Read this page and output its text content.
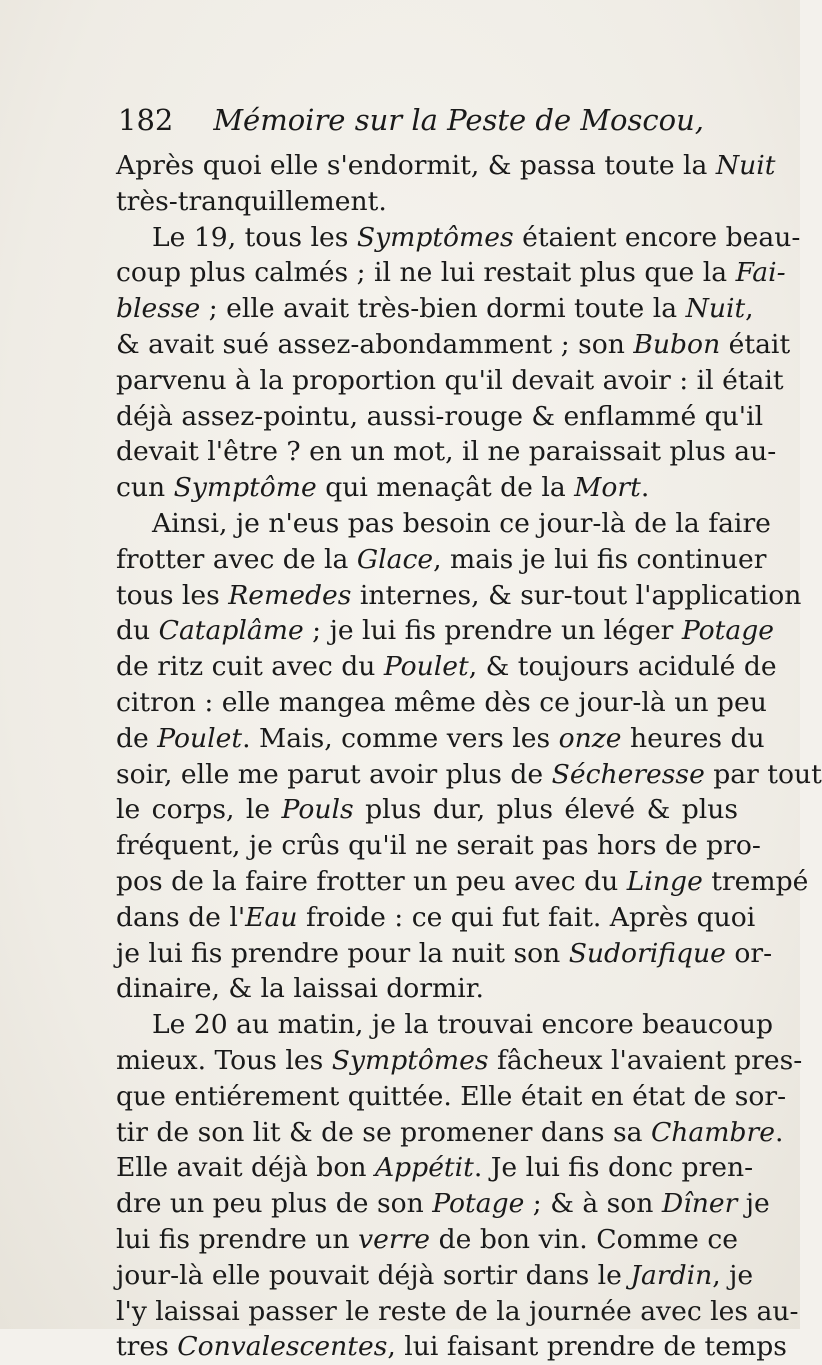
182 Mémoire sur la Peste de Moscou,
Après quoi elle s'endormit, & passa toute la Nuit
très-tranquillement.
Le 19, tous les Symptômes étaient encore beau-
coup plus calmés ; il ne lui restait plus que la Fai-
blesse ; elle avait très-bien dormi toute la Nuit,
& avait sué assez-abondamment ; son Bubon était
parvenu à la proportion qu'il devait avoir : il était
déjà assez-pointu, aussi-rouge & enflammé qu'il
devait l'être ? en un mot, il ne paraissait plus au-
cun Symptôme qui menaçât de la Mort.
Ainsi, je n'eus pas besoin ce jour-là de la faire
frotter avec de la Glace, mais je lui fis continuer
tous les Remedes internes, & sur-tout l'application
du Cataplâme ; je lui fis prendre un léger Potage
de ritz cuit avec du Poulet, & toujours acidulé de
citron : elle mangea même dès ce jour-là un peu
de Poulet. Mais, comme vers les onze heures du
soir, elle me parut avoir plus de Sécheresse par tout
le corps, le Pouls plus dur, plus élevé & plus
fréquent, je crûs qu'il ne serait pas hors de pro-
pos de la faire frotter un peu avec du Linge trempé
dans de l'Eau froide : ce qui fut fait. Après quoi
je lui fis prendre pour la nuit son Sudorifique or-
dinaire, & la laissai dormir.
Le 20 au matin, je la trouvai encore beaucoup
mieux. Tous les Symptômes fâcheux l'avaient pres-
que entiérement quittée. Elle était en état de sor-
tir de son lit & de se promener dans sa Chambre.
Elle avait déjà bon Appétit. Je lui fis donc pren-
dre un peu plus de son Potage ; & à son Dîner je
lui fis prendre un verre de bon vin. Comme ce
jour-là elle pouvait déjà sortir dans le Jardin, je
l'y laissai passer le reste de la journée avec les au-
tres Convalescentes, lui faisant prendre de temps
